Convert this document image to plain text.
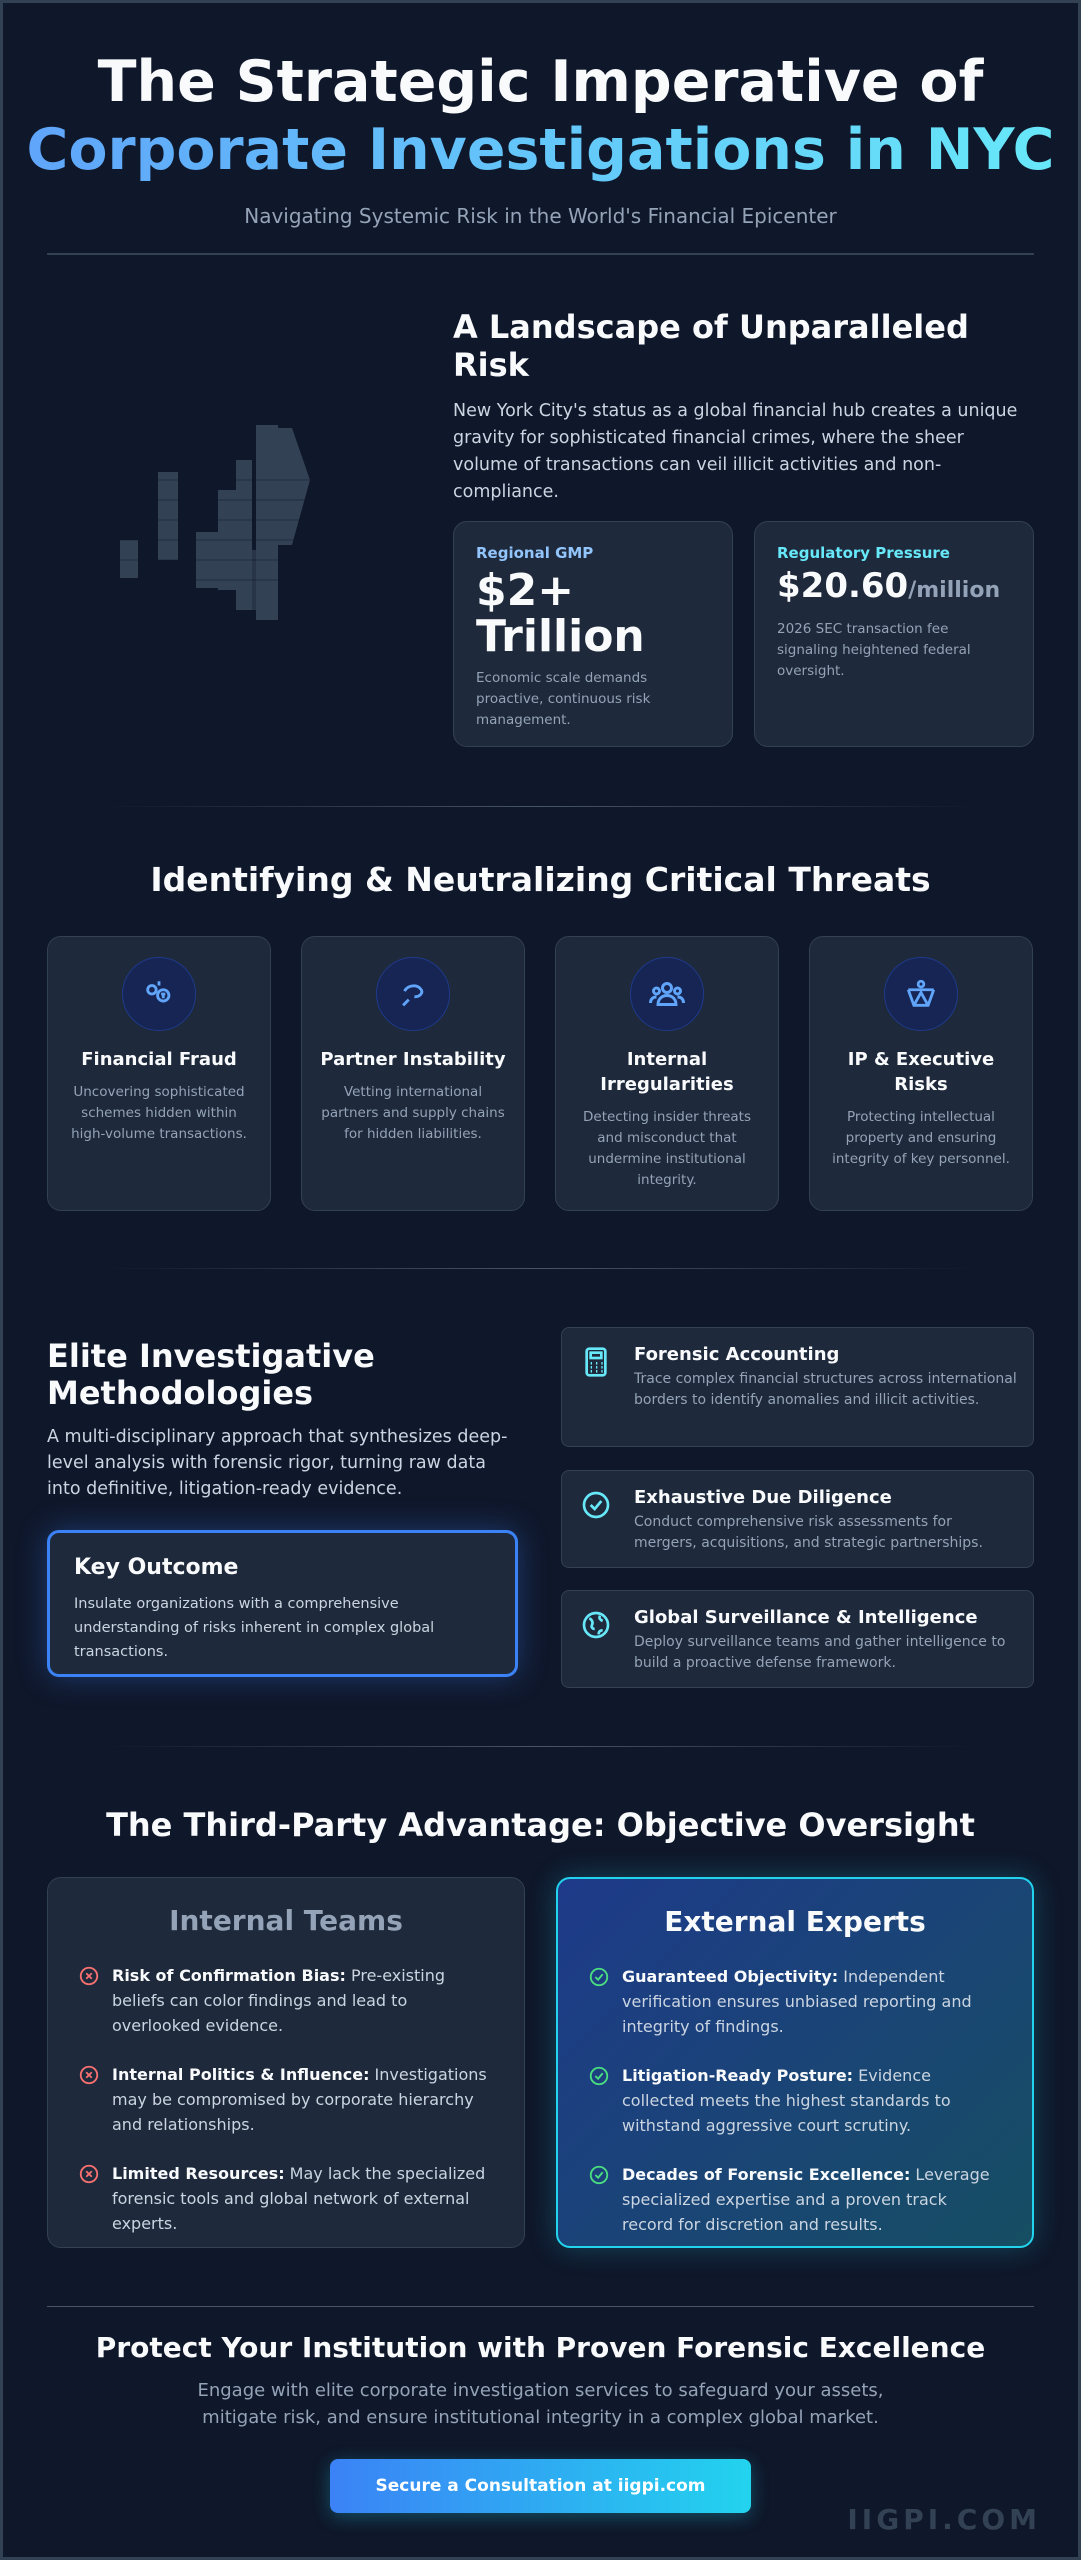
The Strategic Imperative of
Corporate Investigations in NYC
Navigating Systemic Risk in the World's Financial Epicenter
A Landscape of Unparalleled Risk
New York City's status as a global financial hub creates a unique gravity for sophisticated financial crimes, where the sheer volume of transactions can veil illicit activities and non-compliance.
Regional GMP
$2+ Trillion
Economic scale demands proactive, continuous risk management.
Regulatory Pressure
$20.60/million
2026 SEC transaction fee signaling heightened federal oversight.
Identifying & Neutralizing Critical Threats
Financial Fraud
Uncovering sophisticated schemes hidden within high-volume transactions.
Partner Instability
Vetting international partners and supply chains for hidden liabilities.
Internal Irregularities
Detecting insider threats and misconduct that undermine institutional integrity.
IP & Executive Risks
Protecting intellectual property and ensuring integrity of key personnel.
Elite Investigative Methodologies
A multi-disciplinary approach that synthesizes deep-level analysis with forensic rigor, turning raw data into definitive, litigation-ready evidence.
Key Outcome
Insulate organizations with a comprehensive understanding of risks inherent in complex global transactions.
Forensic Accounting
Trace complex financial structures across international borders to identify anomalies and illicit activities.
Exhaustive Due Diligence
Conduct comprehensive risk assessments for mergers, acquisitions, and strategic partnerships.
Global Surveillance & Intelligence
Deploy surveillance teams and gather intelligence to build a proactive defense framework.
The Third-Party Advantage: Objective Oversight
Internal Teams
Risk of Confirmation Bias: Pre-existing beliefs can color findings and lead to overlooked evidence.
Internal Politics & Influence: Investigations may be compromised by corporate hierarchy and relationships.
Limited Resources: May lack the specialized forensic tools and global network of external experts.
External Experts
Guaranteed Objectivity: Independent verification ensures unbiased reporting and integrity of findings.
Litigation-Ready Posture: Evidence collected meets the highest standards to withstand aggressive court scrutiny.
Decades of Forensic Excellence: Leverage specialized expertise and a proven track record for discretion and results.
Protect Your Institution with Proven Forensic Excellence
Engage with elite corporate investigation services to safeguard your assets, mitigate risk, and ensure institutional integrity in a complex global market.
Secure a Consultation at iigpi.com
IIGPI.COM
